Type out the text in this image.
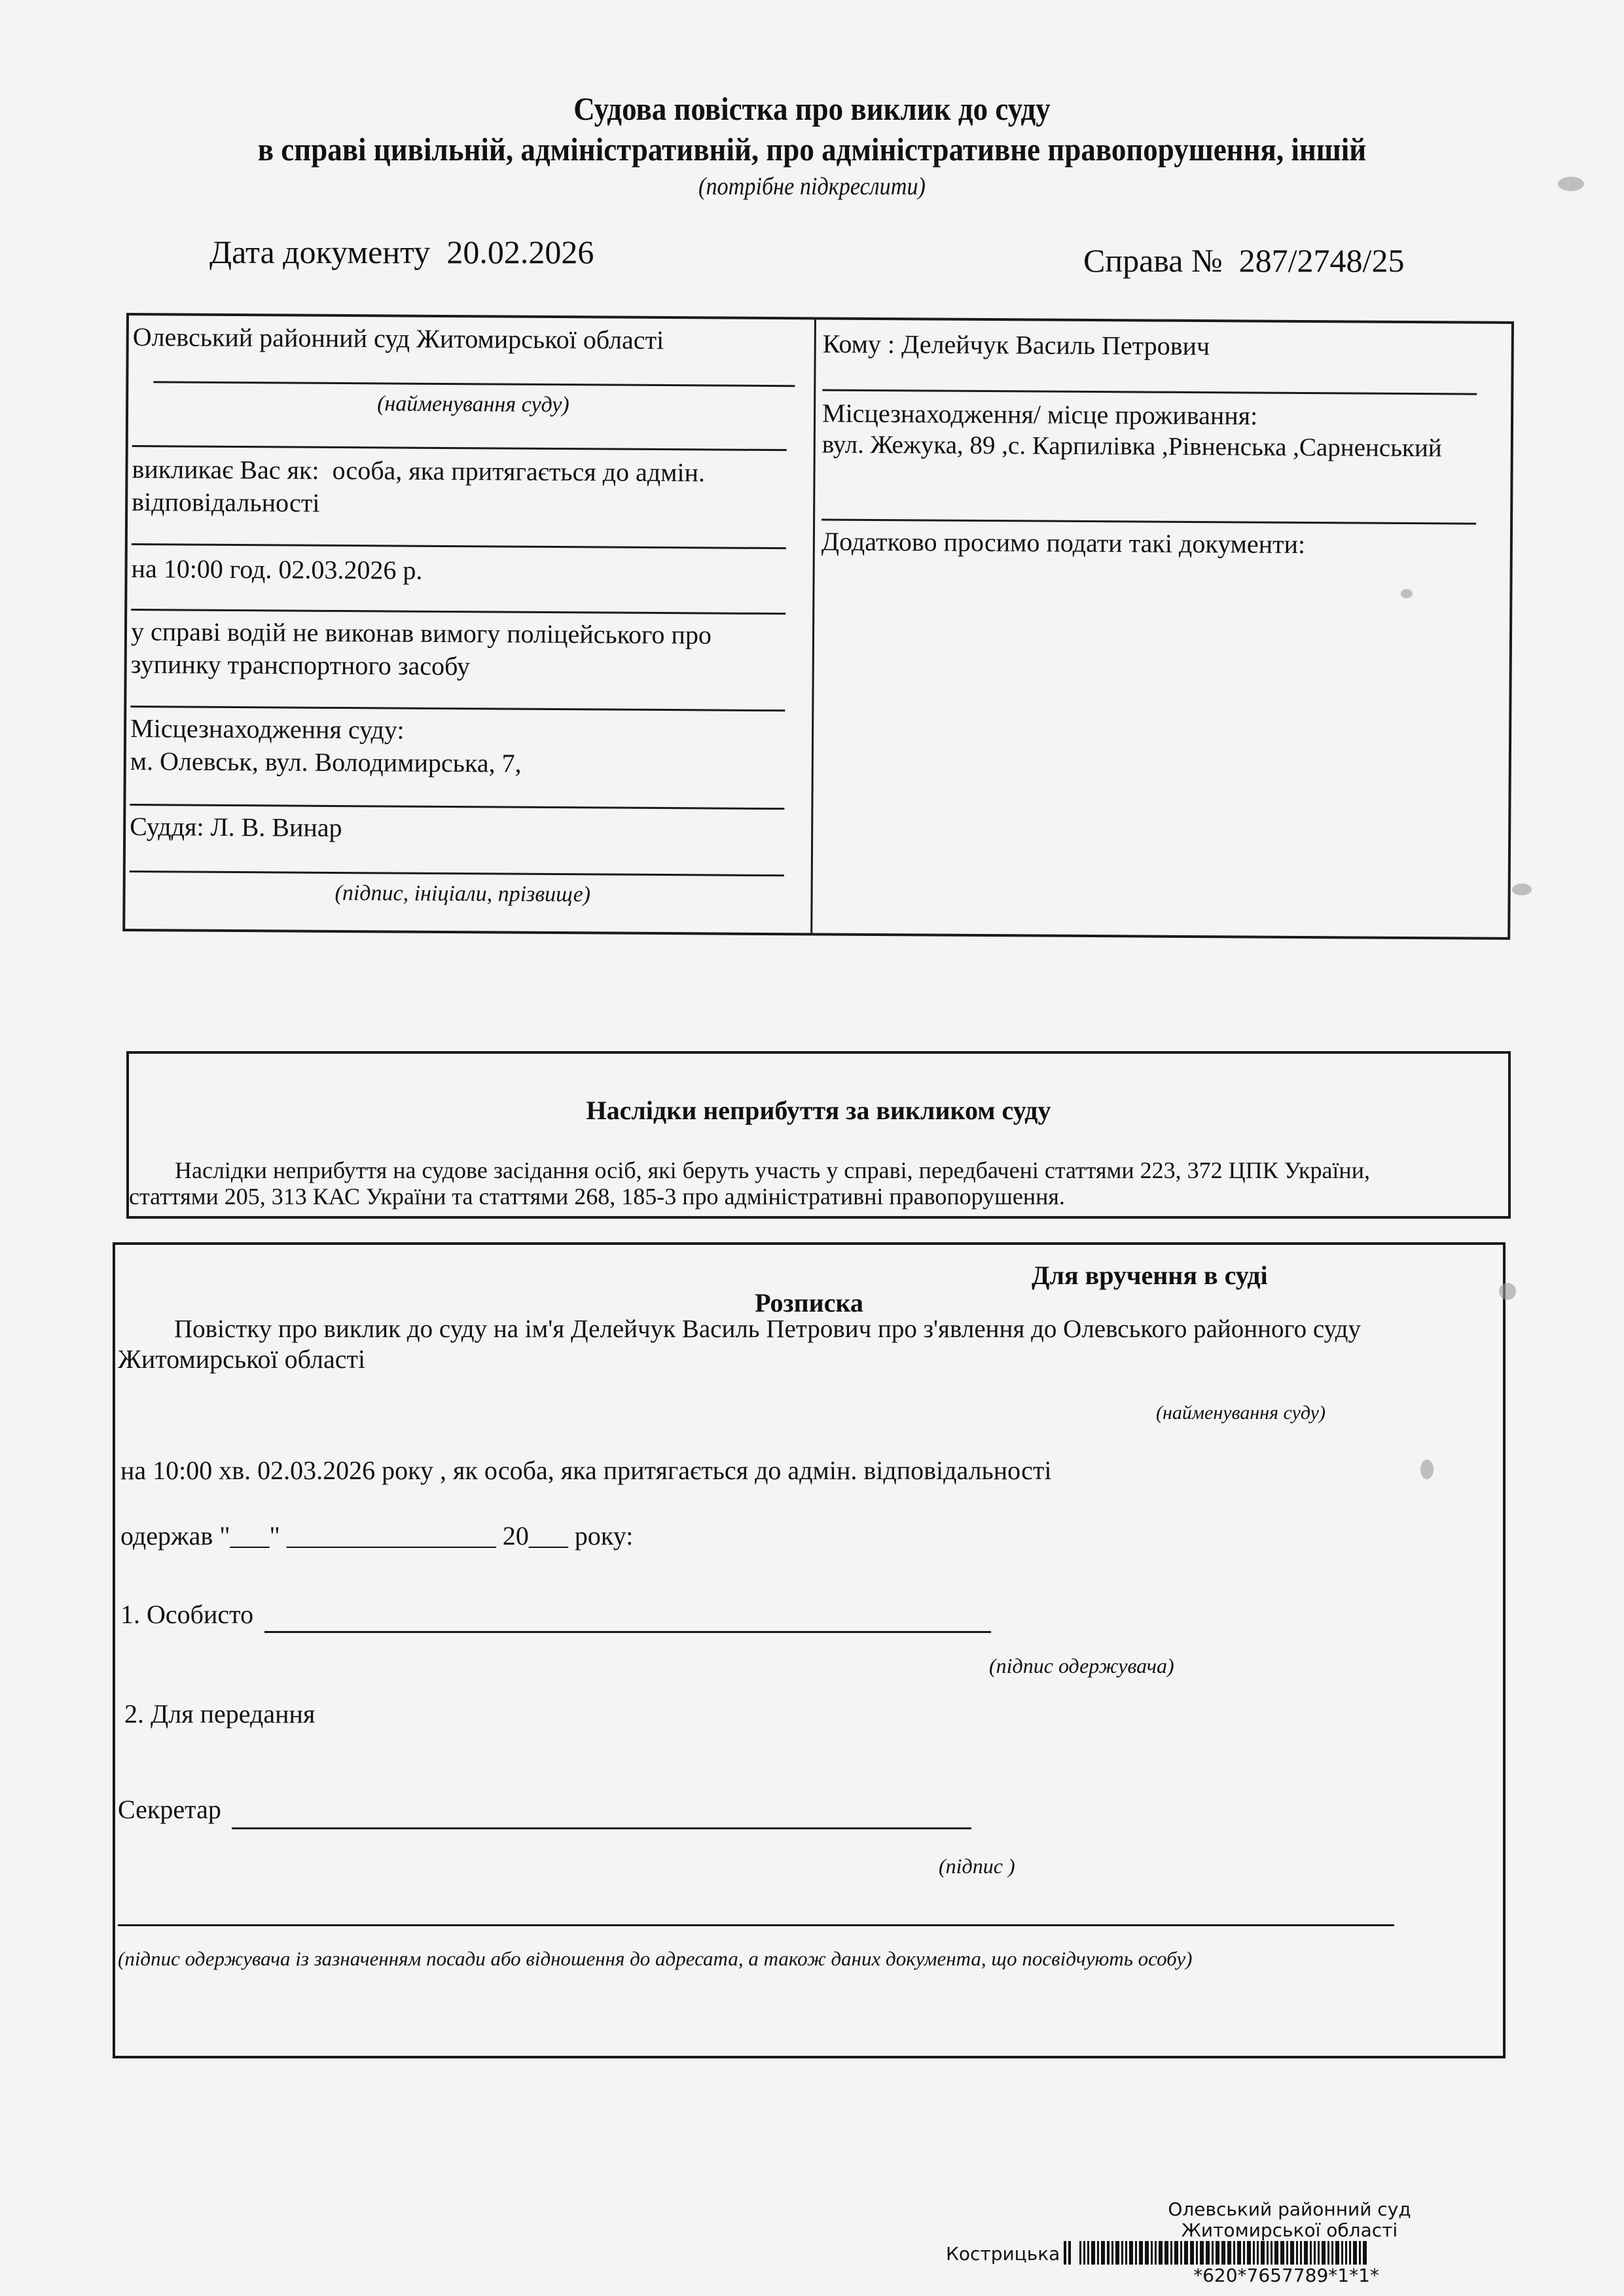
Судова повістка про виклик до суду
в справі цивільній, адміністративній, про адміністративне правопорушення, іншій
(потрібне підкреслити)
Дата документу 20.02.2026	Справа № 287/2748/25
Олевський районний суд Житомирської області
(найменування суду)
викликає Вас як: особа, яка притягається до адмін.
відповідальності
на 10:00 год. 02.03.2026 р.
у справі водій не виконав вимогу поліцейського про
зупинку транспортного засобу
Місцезнаходження суду:
м. Олевськ, вул. Володимирська, 7,
Суддя: Л. В. Винар
(підпис, ініціали, прізвище)
Кому : Делейчук Василь Петрович
Місцезнаходження/ місце проживання:
вул. Жежука, 89 ,с. Карпилівка ,Рівненська ,Сарненський
Додатково просимо подати такі документи:
Наслідки неприбуття за викликом суду
Наслідки неприбуття на судове засідання осіб, які беруть участь у справі, передбачені статтями 223, 372 ЦПК України,
статтями 205, 313 КАС України та статтями 268, 185-3 про адміністративні правопорушення.
Для вручення в суді
Розписка
Повістку про виклик до суду на ім'я Делейчук Василь Петрович про з'явлення до Олевського районного суду
Житомирської області
(найменування суду)
на 10:00 хв. 02.03.2026 року , як особа, яка притягається до адмін. відповідальності
одержав "___" ________________ 20___ року:
1. Особисто
(підпис одержувача)
2. Для передання
Секретар
(підпис )
(підпис одержувача із зазначенням посади або відношення до адресата, а також даних документа, що посвідчують особу)
Олевський районний суд
Житомирської області
Кострицька
*620*7657789*1*1*
